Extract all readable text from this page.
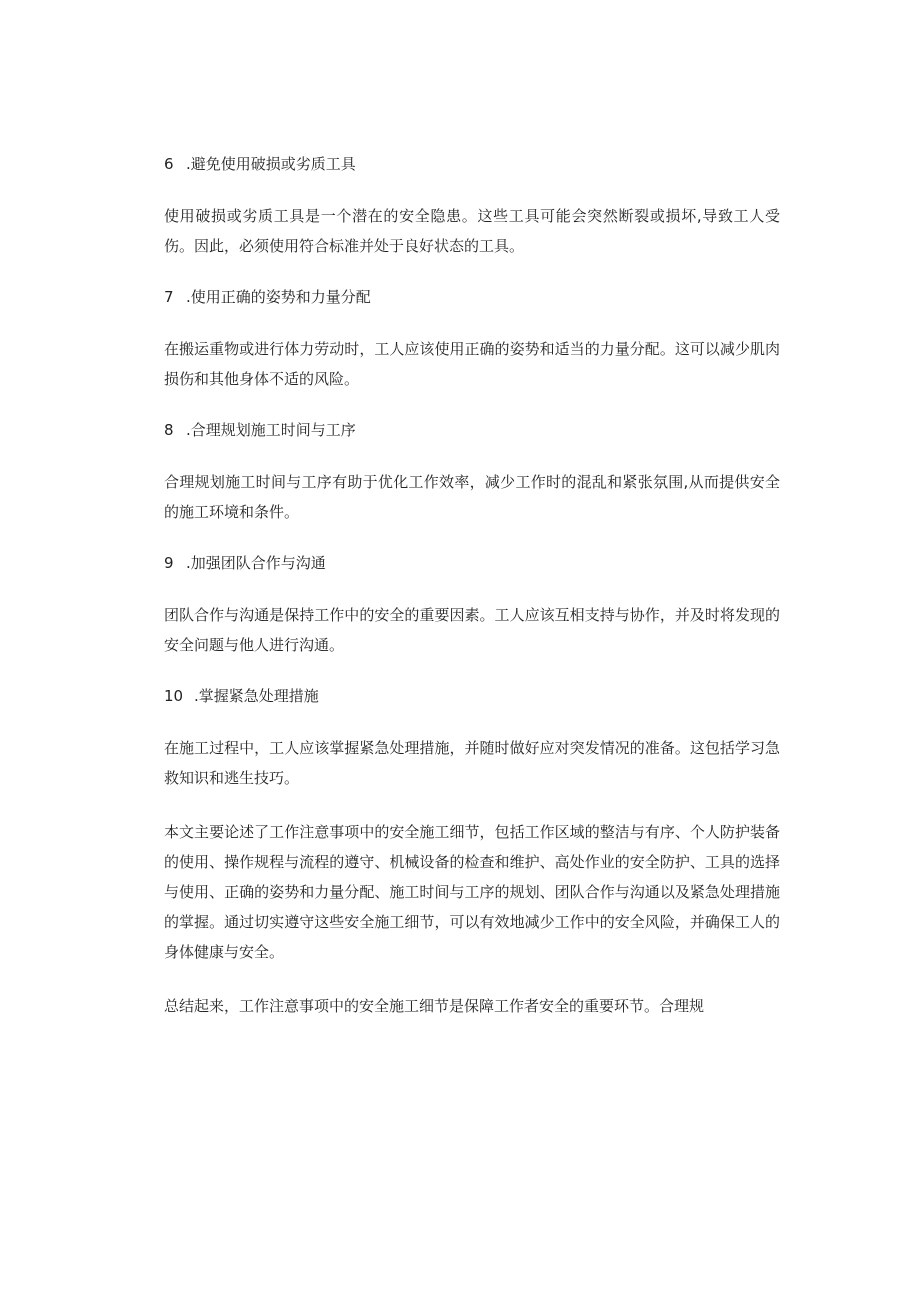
6 .避免使用破损或劣质工具

使用破损或劣质工具是一个潜在的安全隐患。这些工具可能会突然断裂或损坏,导致工人受伤。因此，必须使用符合标准并处于良好状态的工具。

7 .使用正确的姿势和力量分配

在搬运重物或进行体力劳动时，工人应该使用正确的姿势和适当的力量分配。这可以减少肌肉损伤和其他身体不适的风险。

8 .合理规划施工时间与工序

合理规划施工时间与工序有助于优化工作效率，减少工作时的混乱和紧张氛围,从而提供安全的施工环境和条件。

9 .加强团队合作与沟通

团队合作与沟通是保持工作中的安全的重要因素。工人应该互相支持与协作，并及时将发现的安全问题与他人进行沟通。

10 .掌握紧急处理措施

在施工过程中，工人应该掌握紧急处理措施，并随时做好应对突发情况的准备。这包括学习急救知识和逃生技巧。

本文主要论述了工作注意事项中的安全施工细节，包括工作区域的整洁与有序、个人防护装备的使用、操作规程与流程的遵守、机械设备的检查和维护、高处作业的安全防护、工具的选择与使用、正确的姿势和力量分配、施工时间与工序的规划、团队合作与沟通以及紧急处理措施的掌握。通过切实遵守这些安全施工细节，可以有效地减少工作中的安全风险，并确保工人的身体健康与安全。

总结起来，工作注意事项中的安全施工细节是保障工作者安全的重要环节。合理规
